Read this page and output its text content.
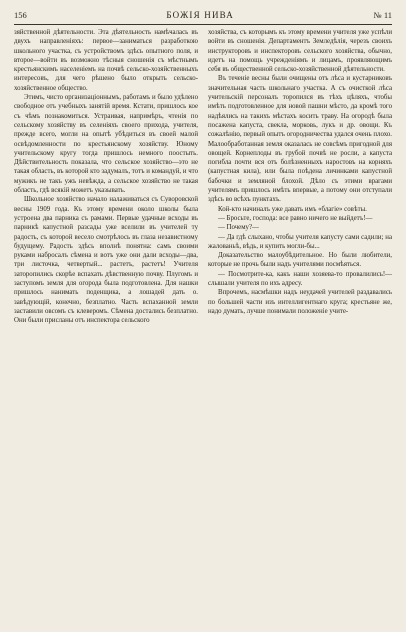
156	БОЖІЯ НИВА	№ 11

зяйственной дѣятельности. Эта дѣятельность намѣчалась въ двухъ направленіяхъ: первое—заниматься разработкою школьного участка, съ устройствомъ здѣсь опытного поля, и второе—войти въ возможно тѣсныя сношенія съ мѣстнымъ крестьянскимъ населеніемъ на почвѣ сельско-хозяйственныхъ интересовъ, для чего рѣшено было открыть сельско-хозяйственное общество.

Этимъ, чисто организаціоннымъ, работамъ и было удѣлено свободное отъ учебныхъ занятій время. Кстати, пришлось кое съ чѣмъ познакомиться. Устраивая, напримѣръ, чтенія по сельскому хозяйству въ селеніяхъ своего прихода, учителя, прежде всего, могли на опытѣ убѣдиться въ своей малой освѣдомленности по крестьянскому хозяйству. Юному учительскому кругу тогда пришлось немного поостыть. Дѣйствительность показала, что сельское хозяйство—это не такая область, въ которой кто задумалъ, тотъ и командуй, и что мужикъ не такъ ужъ невѣжда, а сельское хозяйство не такая область, гдѣ всякій можетъ указывать.

Школьное хозяйство начало налаживаться съ Суворовской весны 1909 года. Къ этому времени около школы была устроена два парника съ рамами. Первые удачные всходы въ парникѣ капустной разсады уже вселили въ учителей ту радость, съ которой весело смотрѣлось въ глаза независтному будущему. Радость здѣсь вполнѣ понятна: самъ своими руками набросалъ сѣмена и вотъ уже они дали всходы—два, три листочка, четвертый... растетъ, растетъ! Учителя заторопились скорѣе вспахать дѣвственную почву. Плугомъ и заступомъ земля для огорода была подготовлена. Для нашки пришлось нанимать поденщика, а лошадей дать о. завѣдующій, конечно, безплатно. Часть вспаханной земли заставили овсомъ съ клеверомъ. Сѣмена достались безплатно. Они были присланы отъ инспектора сельского

хозяйства, съ которымъ къ этому времени учителя уже успѣли войти въ сношенія. Департаментъ Земледѣлія, черезъ своихъ инструкторовъ и инспекторовъ сельского хозяйства, обычно, идетъ на помощь учрежденіямъ и лицамъ, проявляющимъ себя въ общественной сельско-хозяйственной дѣятельности.

Въ теченіе весны были очищены отъ лѣса и кустарниковъ значительная часть школьнаго участка. А съ очисткой лѣса учительскій персоналъ торопился въ тѣхъ цѣляхъ, чтобы имѣть подготовленное для новой пашни мѣсто, да кромѣ того надѣялись на такихъ мѣстахъ косить траву. На огородѣ была посажена капуста, свекла, морковь, лукъ и др. овощи. Къ сожалѣнію, первый опытъ огородничества удался очень плохо. Малообработанная земля оказалась не совсѣмъ пригодной для овощей. Корнеплоды въ грубой почвѣ не росли, а капуста погибла почти вся отъ болѣзненныхъ наростовъ на корняхъ (капустная кила), или была поѣдена личинками капустной бабочки и земляной блохой. Дѣло съ этими врагами учителямъ пришлось имѣть впервые, а потому они отступали здѣсь во всѣхъ пунктахъ.

Кой-кто начиналъ уже давать имъ «благіе» совѣты.

— Бросьте, господа: все равно ничего не выйдетъ!—

— Почему?—

— Да гдѣ слыхано, чтобы учителя капусту сами садили; на жалованьѣ, вѣдь, и купить могли-бы...

Доказательство малоубѣдительное. Но были любители, которые не прочь были надъ учителями посмѣяться.

— Посмотрите-ка, какъ наши хозяева-то провалились!—слышали учителя по ихъ адресу.

Впрочемъ, насмѣшки надъ неудачей учителей раздавались по большей части изъ интеллигентнаго круга; крестьяне же, надо думать, лучше понимали положеніе учите-
